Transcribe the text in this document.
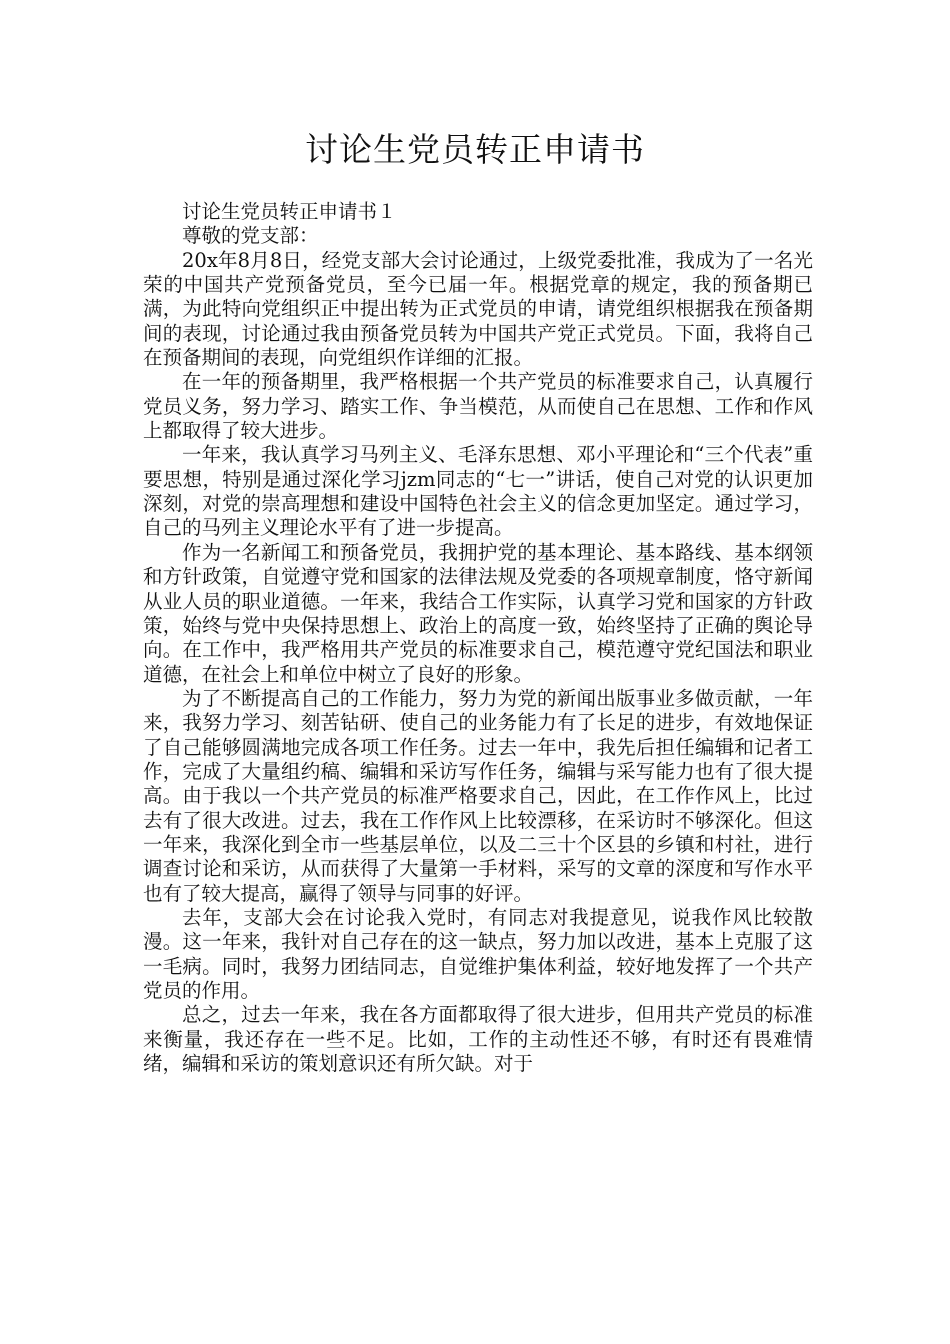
讨论生党员转正申请书

讨论生党员转正申请书１

尊敬的党支部：

20x年8月8日，经党支部大会讨论通过，上级党委批准，我成为了一名光荣的中国共产党预备党员，至今已届一年。根据党章的规定，我的预备期已满，为此特向党组织正中提出转为正式党员的申请，请党组织根据我在预备期间的表现，讨论通过我由预备党员转为中国共产党正式党员。下面，我将自己在预备期间的表现，向党组织作详细的汇报。

在一年的预备期里，我严格根据一个共产党员的标准要求自己，认真履行党员义务，努力学习、踏实工作、争当模范，从而使自己在思想、工作和作风上都取得了较大进步。

一年来，我认真学习马列主义、毛泽东思想、邓小平理论和“三个代表”重要思想，特别是通过深化学习jzm同志的“七一”讲话，使自己对党的认识更加深刻，对党的崇高理想和建设中国特色社会主义的信念更加坚定。通过学习，自己的马列主义理论水平有了进一步提高。

作为一名新闻工和预备党员，我拥护党的基本理论、基本路线、基本纲领和方针政策，自觉遵守党和国家的法律法规及党委的各项规章制度，恪守新闻从业人员的职业道德。一年来，我结合工作实际，认真学习党和国家的方针政策，始终与党中央保持思想上、政治上的高度一致，始终坚持了正确的舆论导向。在工作中，我严格用共产党员的标准要求自己，模范遵守党纪国法和职业道德，在社会上和单位中树立了良好的形象。

为了不断提高自己的工作能力，努力为党的新闻出版事业多做贡献，一年来，我努力学习、刻苦钻研、使自己的业务能力有了长足的进步，有效地保证了自己能够圆满地完成各项工作任务。过去一年中，我先后担任编辑和记者工作，完成了大量组约稿、编辑和采访写作任务，编辑与采写能力也有了很大提高。由于我以一个共产党员的标准严格要求自己，因此，在工作作风上，比过去有了很大改进。过去，我在工作作风上比较漂移，在采访时不够深化。但这一年来，我深化到全市一些基层单位，以及二三十个区县的乡镇和村社，进行调查讨论和采访，从而获得了大量第一手材料，采写的文章的深度和写作水平也有了较大提高，赢得了领导与同事的好评。

去年，支部大会在讨论我入党时，有同志对我提意见，说我作风比较散漫。这一年来，我针对自己存在的这一缺点，努力加以改进，基本上克服了这一毛病。同时，我努力团结同志，自觉维护集体利益，较好地发挥了一个共产党员的作用。

总之，过去一年来，我在各方面都取得了很大进步，但用共产党员的标准来衡量，我还存在一些不足。比如，工作的主动性还不够，有时还有畏难情绪，编辑和采访的策划意识还有所欠缺。对于
